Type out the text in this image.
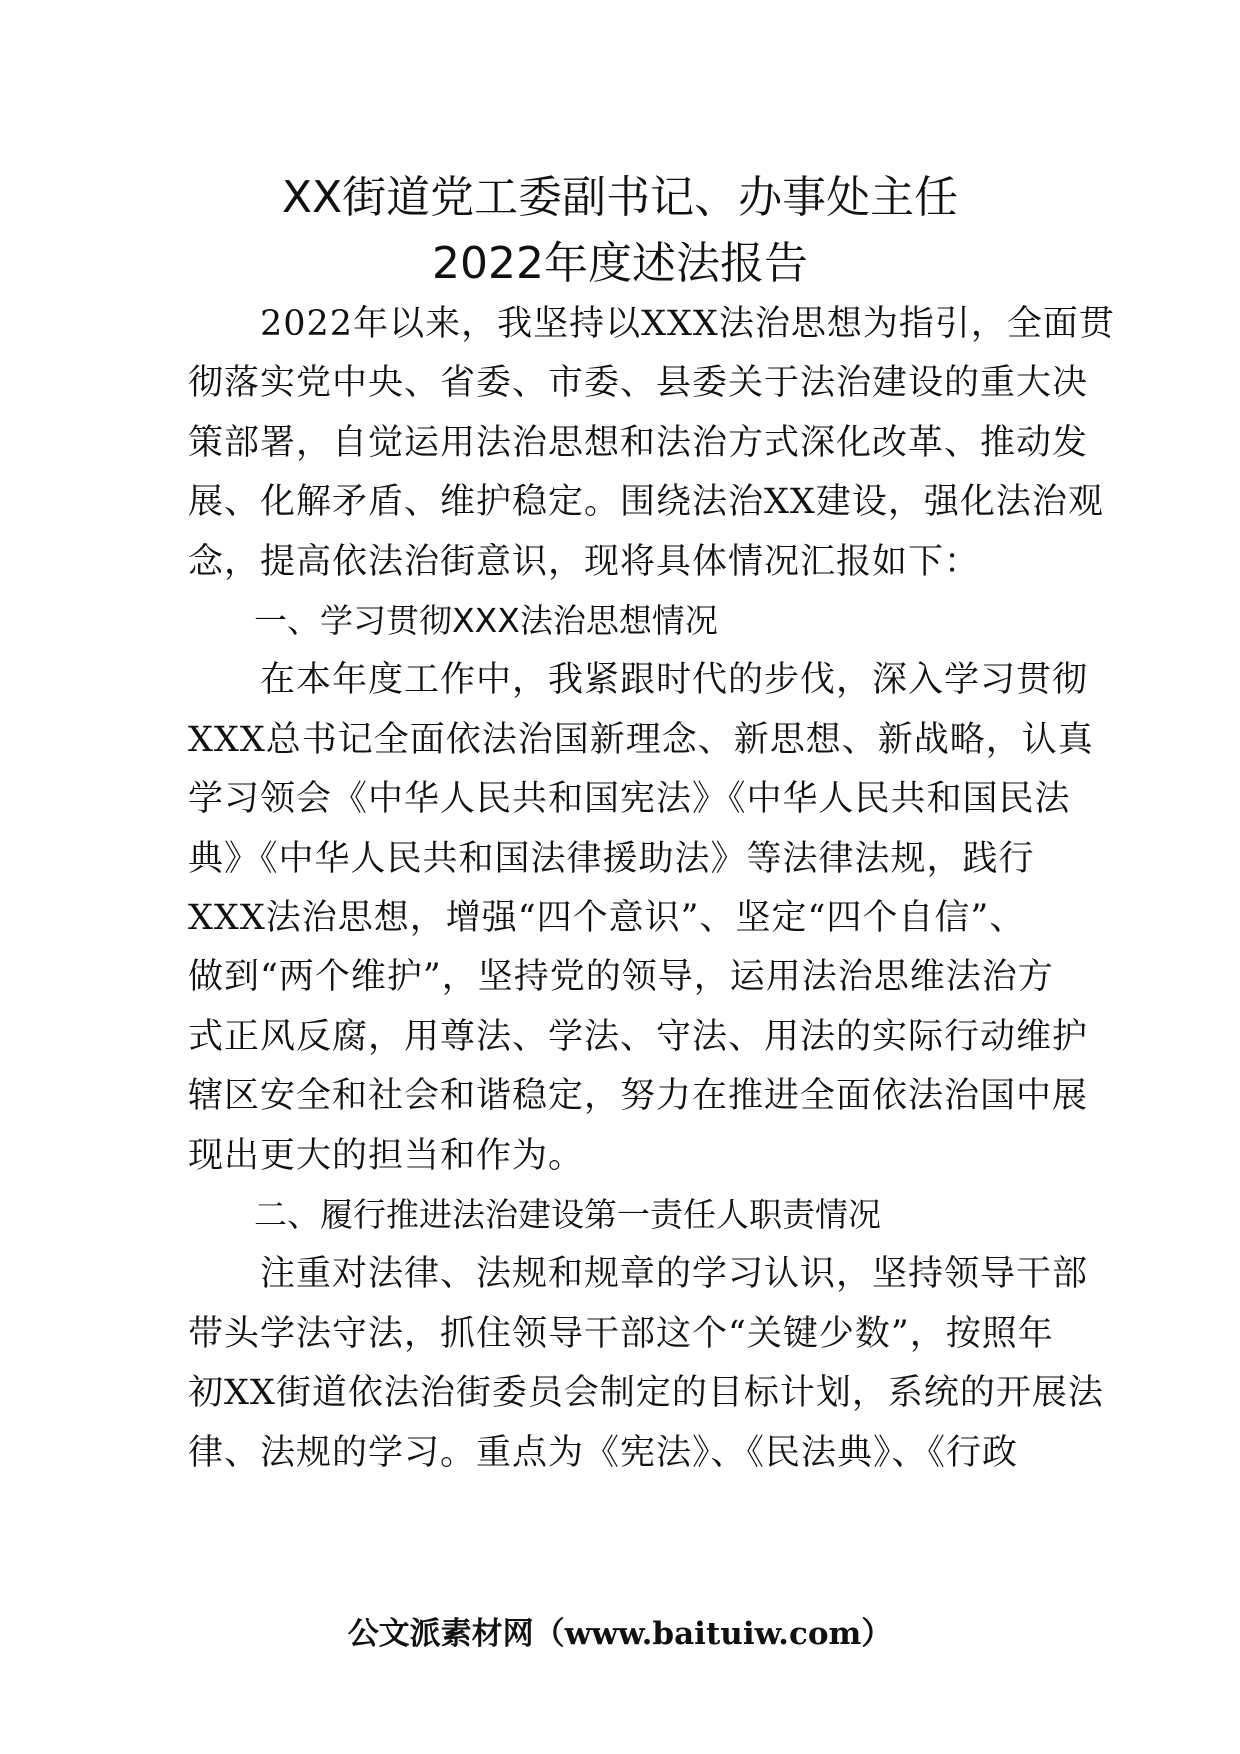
XX街道党工委副书记、办事处主任
2022年度述法报告
　　2022年以来，我坚持以XXX法治思想为指引，全面贯
彻落实党中央、省委、市委、县委关于法治建设的重大决
策部署，自觉运用法治思想和法治方式深化改革、推动发
展、化解矛盾、维护稳定。围绕法治XX建设，强化法治观
念，提高依法治街意识，现将具体情况汇报如下：
　　一、学习贯彻XXX法治思想情况
　　在本年度工作中，我紧跟时代的步伐，深入学习贯彻
XXX总书记全面依法治国新理念、新思想、新战略，认真
学习领会《中华人民共和国宪法》《中华人民共和国民法
典》《中华人民共和国法律援助法》等法律法规，践行
XXX法治思想，增强“四个意识”、坚定“四个自信”、
做到“两个维护”，坚持党的领导，运用法治思维法治方
式正风反腐，用尊法、学法、守法、用法的实际行动维护
辖区安全和社会和谐稳定，努力在推进全面依法治国中展
现出更大的担当和作为。
　　二、履行推进法治建设第一责任人职责情况
　　注重对法律、法规和规章的学习认识，坚持领导干部
带头学法守法，抓住领导干部这个“关键少数”，按照年
初XX街道依法治街委员会制定的目标计划，系统的开展法
律、法规的学习。重点为《宪法》、《民法典》、《行政
公文派素材网（www.baituiw.com）
